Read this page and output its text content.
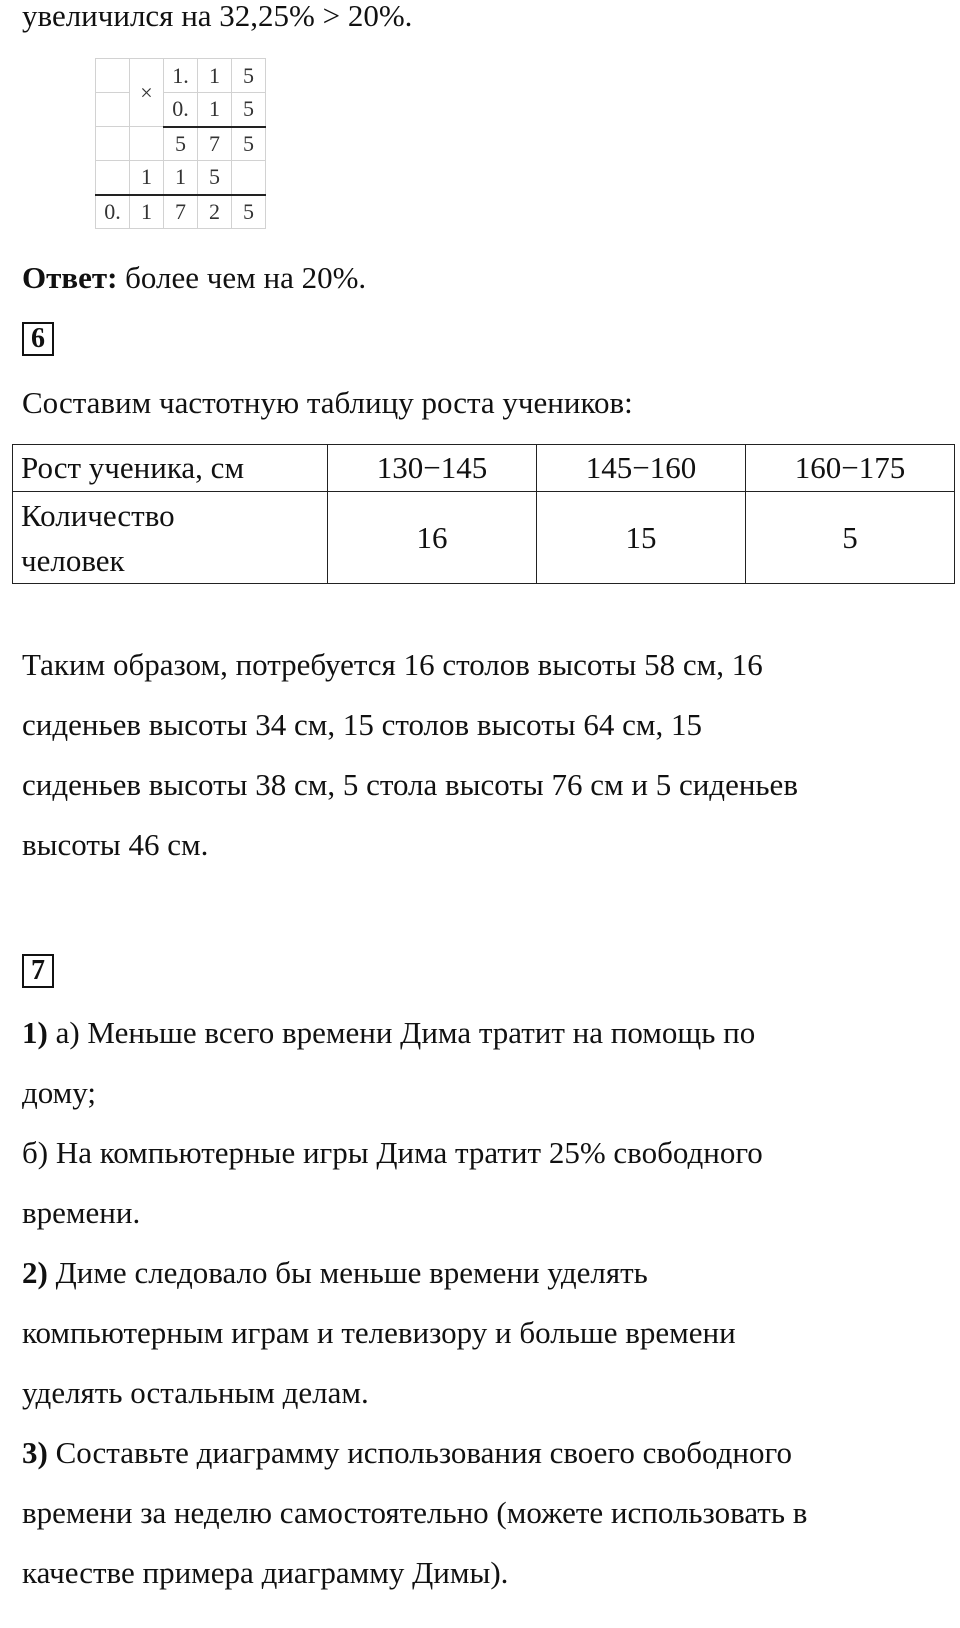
увеличился на 32,25% > 20%.
	×	1.	1	5
		0.	1	5
		5	7	5
	1	1	5	
0.	1	7	2	5
Ответ: более чем на 20%.
6
Составим частотную таблицу роста учеников:
Рост ученика, см	130−145	145−160	160−175
Количество
человек	16	15	5
Таким образом, потребуется 16 столов высоты 58 см, 16
сиденьев высоты 34 см, 15 столов высоты 64 см, 15
сиденьев высоты 38 см, 5 стола высоты 76 см и 5 сиденьев
высоты 46 см.
7
1) а) Меньше всего времени Дима тратит на помощь по
дому;
б) На компьютерные игры Дима тратит 25% свободного
времени.
2) Диме следовало бы меньше времени уделять
компьютерным играм и телевизору и больше времени
уделять остальным делам.
3) Составьте диаграмму использования своего свободного
времени за неделю самостоятельно (можете использовать в
качестве примера диаграмму Димы).
